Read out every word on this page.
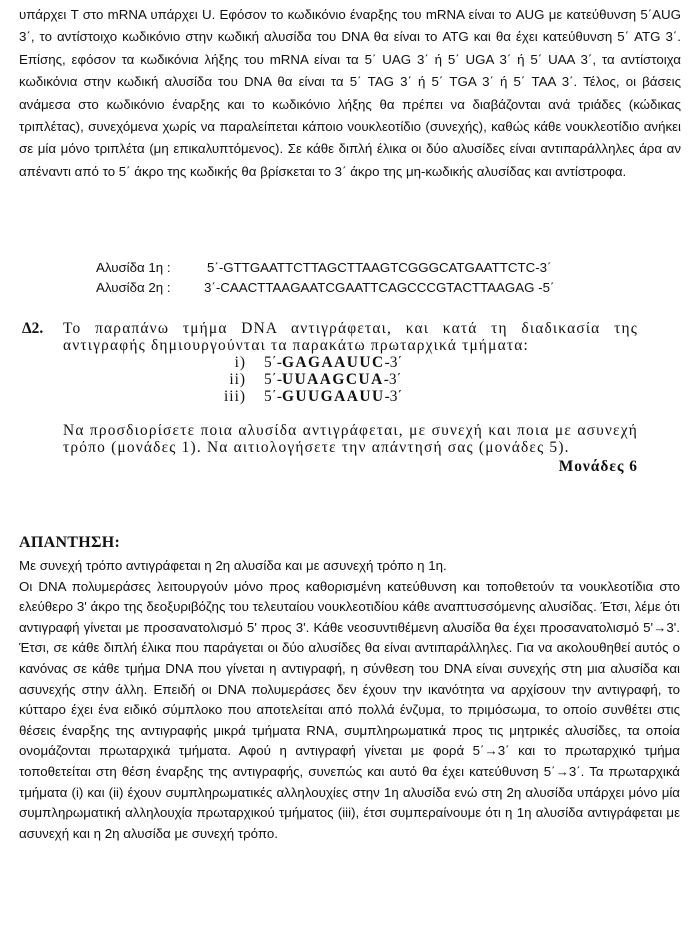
υπάρχει T στο mRNA υπάρχει U. Εφόσον το κωδικόνιο έναρξης του mRNA είναι το AUG με κατεύθυνση 5΄AUG 3΄, το αντίστοιχο κωδικόνιο στην κωδική αλυσίδα του DNA θα είναι το ATG και θα έχει κατεύθυνση 5΄ ATG 3΄. Επίσης, εφόσον τα κωδικόνια λήξης του mRNA είναι τα 5΄ UAG 3΄ ή 5΄ UGA 3΄ ή 5΄ UAA 3΄, τα αντίστοιχα κωδικόνια στην κωδική αλυσίδα του DNA θα είναι τα 5΄ TAG 3΄ ή 5΄ TGA 3΄ ή 5΄ TAA 3΄. Τέλος, οι βάσεις ανάμεσα στο κωδικόνιο έναρξης και το κωδικόνιο λήξης θα πρέπει να διαβάζονται ανά τριάδες (κώδικας τριπλέτας), συνεχόμενα χωρίς να παραλείπεται κάποιο νουκλεοτίδιο (συνεχής), καθώς κάθε νουκλεοτίδιο ανήκει σε μία μόνο τριπλέτα (μη επικαλυπτόμενος). Σε κάθε διπλή έλικα οι δύο αλυσίδες είναι αντιπαράλληλες άρα αν απέναντι από το 5΄ άκρο της κωδικής θα βρίσκεται το 3΄ άκρο της μη-κωδικής αλυσίδας και αντίστροφα.

Αλυσίδα 1η :	5΄-GTTGAATTCTTAGCTTAAGTCGGGCATGAATTCTC-3΄
Αλυσίδα 2η :	3΄-CAACTTAAGAATCGAATTCAGCCCGTACTTAAGAG -5΄
Δ2.	Το παραπάνω τμήμα DNA αντιγράφεται, και κατά τη διαδικασία της αντιγραφής δημιουργούνται τα παρακάτω πρωταρχικά τμήματα:
i)	5΄-GAGAAUUC-3΄
ii)	5΄-UUAAGCUA-3΄
iii)	5΄-GUUGAAUU-3΄
Να προσδιορίσετε ποια αλυσίδα αντιγράφεται, με συνεχή και ποια με ασυνεχή τρόπο (μονάδες 1). Να αιτιολογήσετε την απάντησή σας (μονάδες 5).
Μονάδες 6
ΑΠΑΝΤΗΣΗ:

Με συνεχή τρόπο αντιγράφεται η 2η αλυσίδα και με ασυνεχή τρόπο η 1η.

Οι DNA πολυμεράσες λειτουργούν μόνο προς καθορισμένη κατεύθυνση και τοποθετούν τα νουκλεοτίδια στο ελεύθερο 3' άκρο της δεοξυριβόζης του τελευταίου νουκλεοτιδίου κάθε αναπτυσσόμενης αλυσίδας. Έτσι, λέμε ότι αντιγραφή γίνεται με προσανατολισμό 5' προς 3'. Κάθε νεοσυντιθέμενη αλυσίδα θα έχει προσανατολισμό 5'→3'. Έτσι, σε κάθε διπλή έλικα που παράγεται οι δύο αλυσίδες θα είναι αντιπαράλληλες. Για να ακολουθηθεί αυτός ο κανόνας σε κάθε τμήμα DNA που γίνεται η αντιγραφή, η σύνθεση του DNA είναι συνεχής στη μια αλυσίδα και ασυνεχής στην άλλη. Επειδή οι DNA πολυμεράσες δεν έχουν την ικανότητα να αρχίσουν την αντιγραφή, το κύτταρο έχει ένα ειδικό σύμπλοκο που αποτελείται από πολλά ένζυμα, το πριμόσωμα, το οποίο συνθέτει στις θέσεις έναρξης της αντιγραφής μικρά τμήματα RNA, συμπληρωματικά προς τις μητρικές αλυσίδες, τα οποία ονομάζονται πρωταρχικά τμήματα. Αφού η αντιγραφή γίνεται με φορά 5΄→3΄ και το πρωταρχικό τμήμα τοποθετείται στη θέση έναρξης της αντιγραφής, συνεπώς και αυτό θα έχει κατεύθυνση 5΄→3΄. Τα πρωταρχικά τμήματα (i) και (ii) έχουν συμπληρωματικές αλληλουχίες στην 1η αλυσίδα ενώ στη 2η αλυσίδα υπάρχει μόνο μία συμπληρωματική αλληλουχία πρωταρχικού τμήματος (iii), έτσι συμπεραίνουμε ότι η 1η αλυσίδα αντιγράφεται με ασυνεχή και η 2η αλυσίδα με συνεχή τρόπο.
